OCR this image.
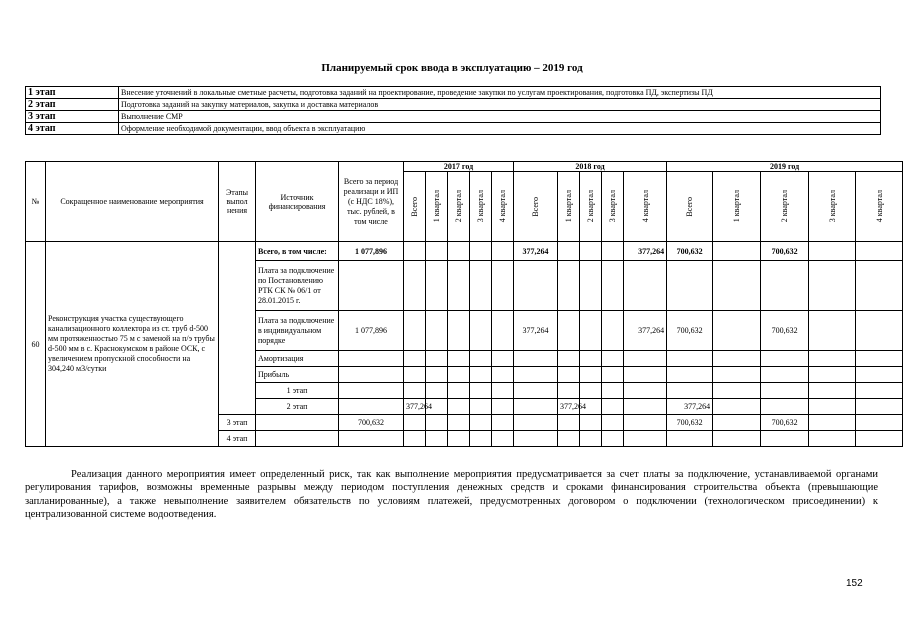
Планируемый срок ввода в эксплуатацию – 2019 год
1 этап	Внесение уточнений в локальные сметные расчеты, подготовка заданий на проектирование, проведение закупки по услугам проектирования, подготовка ПД, экспертизы ПД
2 этап	Подготовка заданий на закупку материалов, закупка и доставка материалов
3 этап	Выполнение СМР
4 этап	Оформление необходимой документации, ввод объекта в эксплуатацию
№	Сокращенное наименование мероприятия	Этапы выпол нения	Источник финансирования	Всего за период реализаци и ИП (с НДС 18%), тыс. рублей, в том числе	2017 год					2018 год					2019 год					

					Всего	1 квартал	2 квартал	3 квартал	4 квартал	Всего	1 квартал	2 квартал	3 квартал	4 квартал	Всего	1 квартал	2 квартал	3 квартал	4 квартал	

60	Реконструкция участка существующего канализационного коллектора из ст. труб d-500 мм протяженностью 75 м с заменой на п/э трубы d-500 мм в с. Краснокумском в районе ОСК, с увеличением пропускной способности на 304,240 м3/сутки		Всего, в том числе:	1 077,896						377,264				377,264	700,632		700,632			
			Плата за подключение по Постановлению РТК СК № 06/1 от 28.01.2015 г.																	
			Плата за подключение в индивидуальном порядке	1 077,896						377,264				377,264	700,632		700,632			
			Амортизация																	
			Прибыль																	
			1 этап																	
			2 этап		377,264						377,264				377,264					
		3 этап		700,632											700,632		700,632			
		4 этап																		
Реализация данного мероприятия имеет определенный риск, так как выполнение мероприятия предусматривается за счет платы за подключение, устанавливаемой органами регулирования тарифов, возможны временные разрывы между периодом поступления денежных средств и сроками финансирования строительства объекта (превышающие запланированные), а также невыполнение заявителем обязательств по условиям платежей, предусмотренных договором о подключении (технологическом присоединении) к централизованной системе водоотведения.
152
